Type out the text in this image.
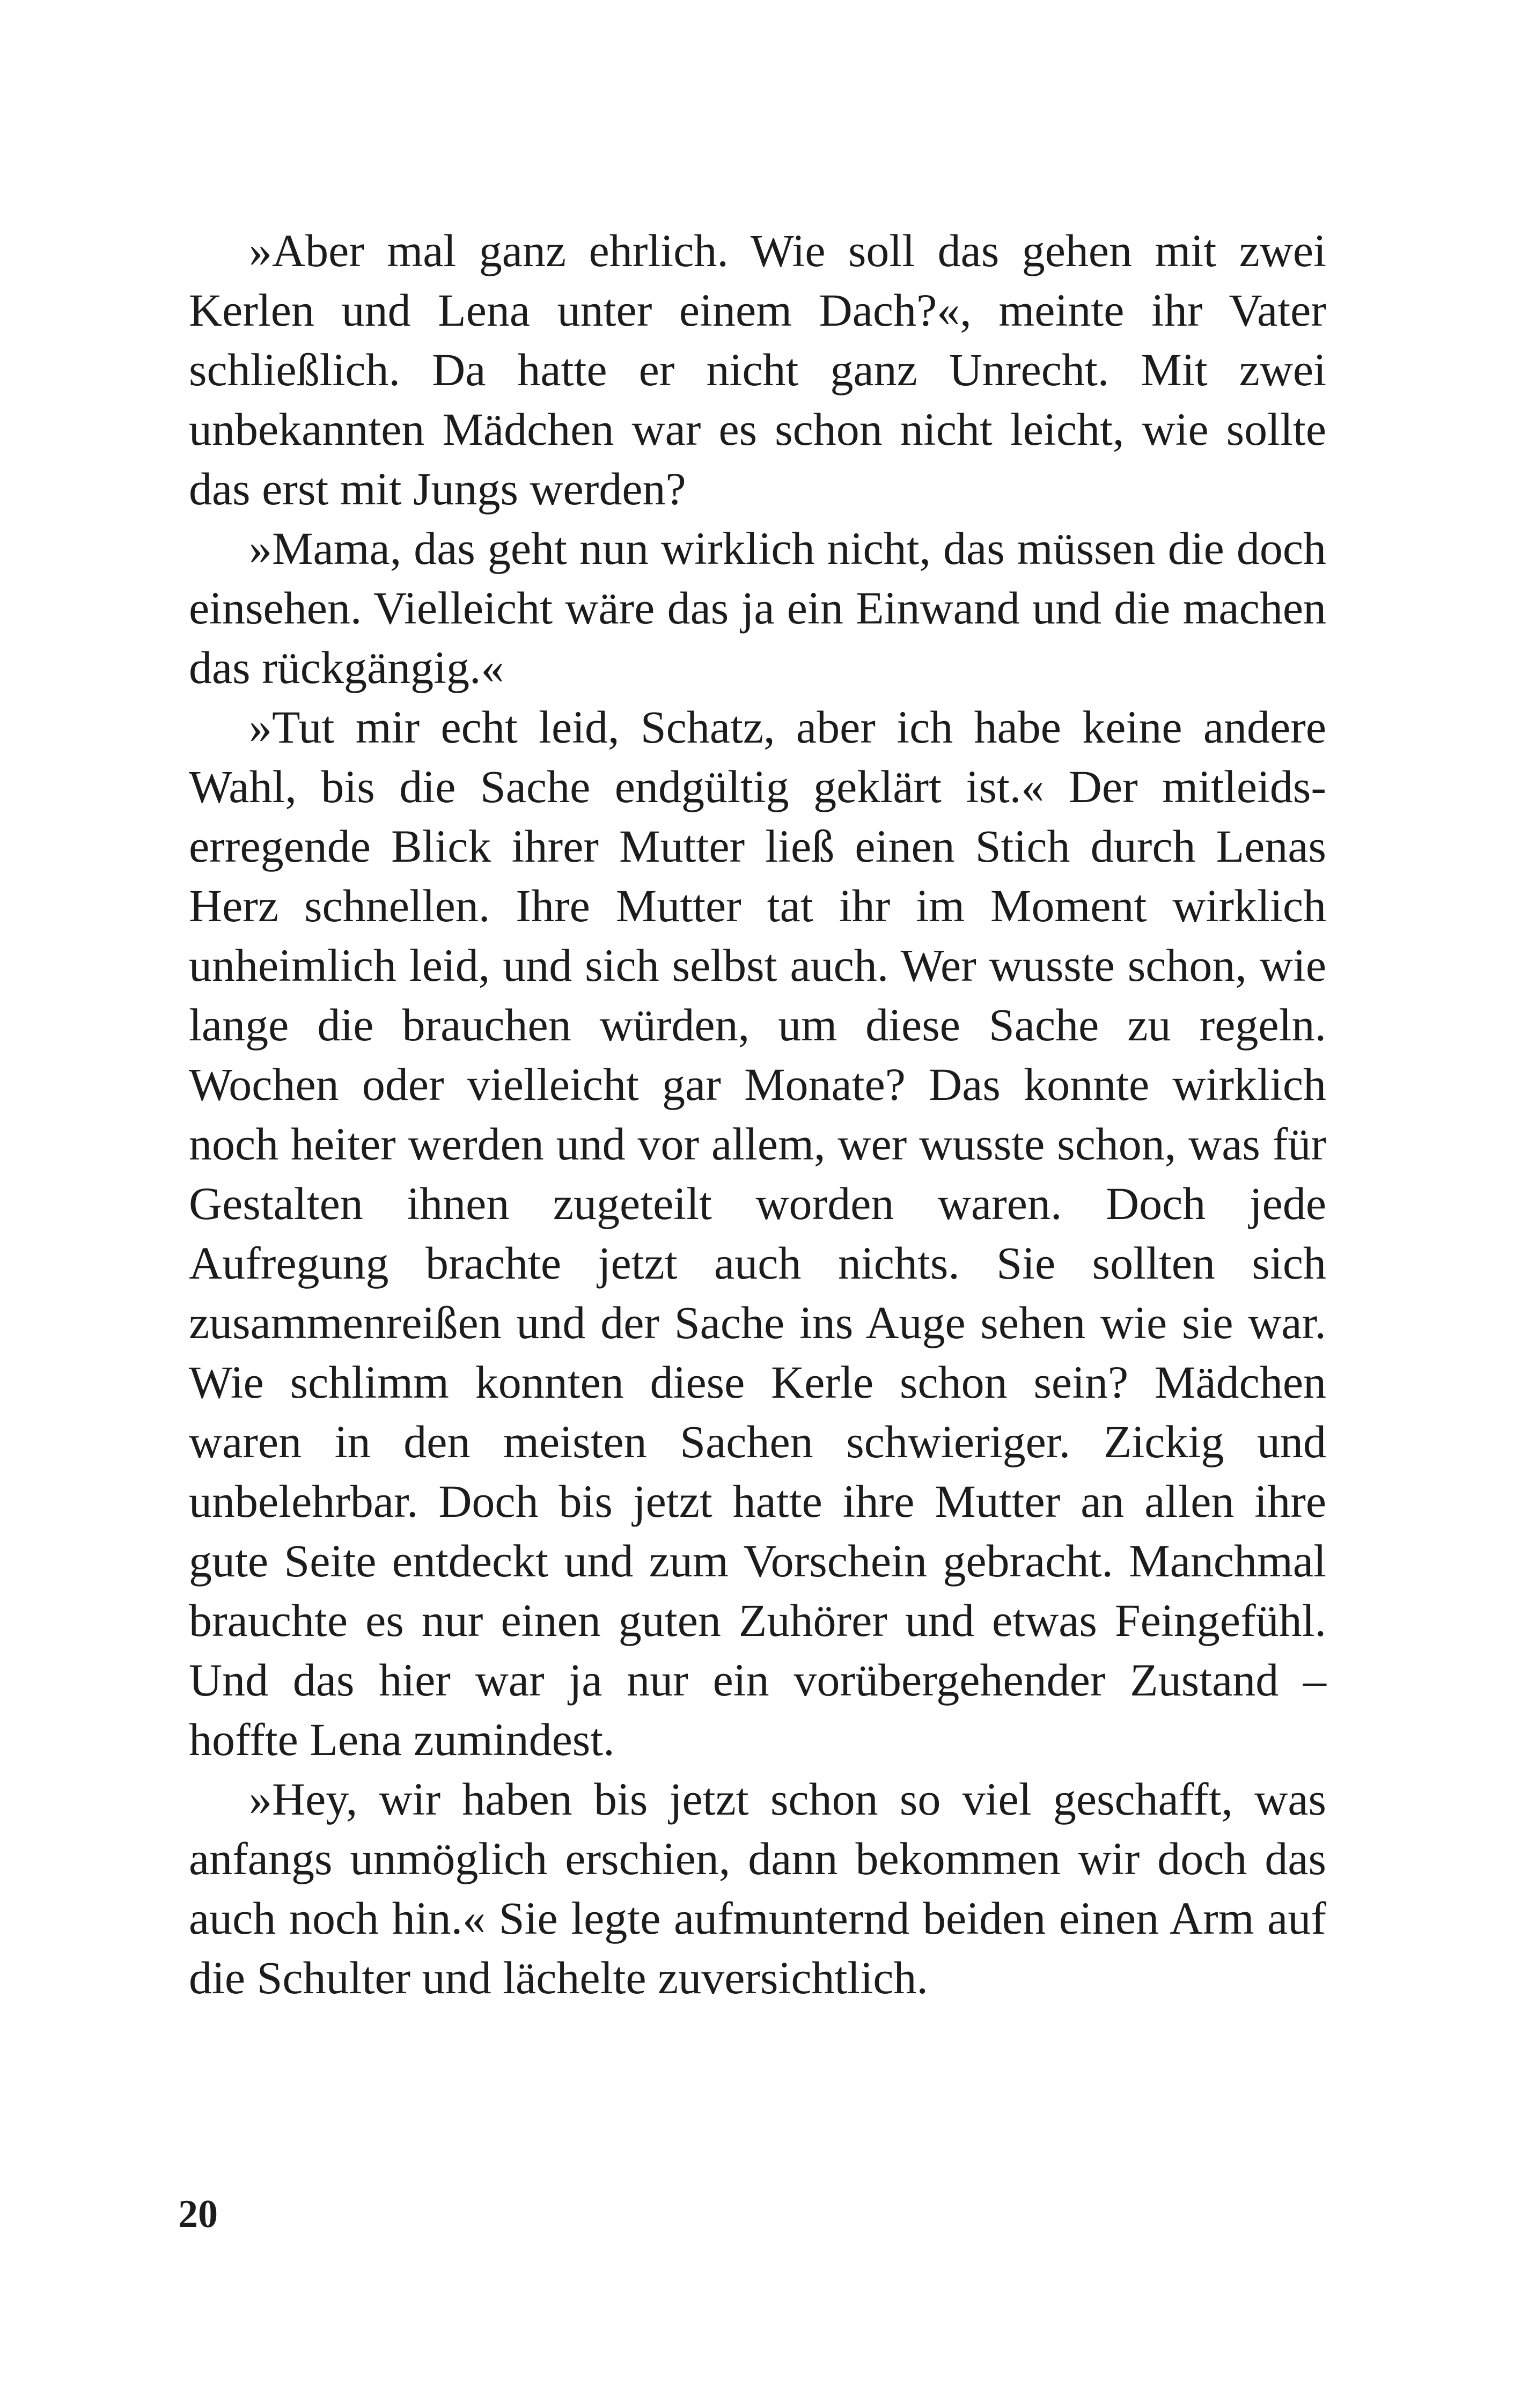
»Aber mal ganz ehrlich. Wie soll das gehen mit zwei Kerlen und Lena unter einem Dach?«, meinte ihr Vater schließlich. Da hatte er nicht ganz Unrecht. Mit zwei unbekannten Mädchen war es schon nicht leicht, wie sollte das erst mit Jungs werden?

»Mama, das geht nun wirklich nicht, das müssen die doch einsehen. Vielleicht wäre das ja ein Einwand und die machen das rückgängig.«

»Tut mir echt leid, Schatz, aber ich habe keine andere Wahl, bis die Sache endgültig geklärt ist.« Der mitleidserregende Blick ihrer Mutter ließ einen Stich durch Lenas Herz schnellen. Ihre Mutter tat ihr im Moment wirklich unheimlich leid, und sich selbst auch. Wer wusste schon, wie lange die brauchen würden, um diese Sache zu regeln. Wochen oder vielleicht gar Monate? Das konnte wirklich noch heiter werden und vor allem, wer wusste schon, was für Gestalten ihnen zugeteilt worden waren. Doch jede Aufregung brachte jetzt auch nichts. Sie sollten sich zusammenreißen und der Sache ins Auge sehen wie sie war. Wie schlimm konnten diese Kerle schon sein? Mädchen waren in den meisten Sachen schwieriger. Zickig und unbelehrbar. Doch bis jetzt hatte ihre Mutter an allen ihre gute Seite entdeckt und zum Vorschein gebracht. Manchmal brauchte es nur einen guten Zuhörer und etwas Feingefühl. Und das hier war ja nur ein vorübergehender Zustand – hoffte Lena zumindest.

»Hey, wir haben bis jetzt schon so viel geschafft, was anfangs unmöglich erschien, dann bekommen wir doch das auch noch hin.« Sie legte aufmunternd beiden einen Arm auf die Schulter und lächelte zuversichtlich.

20
